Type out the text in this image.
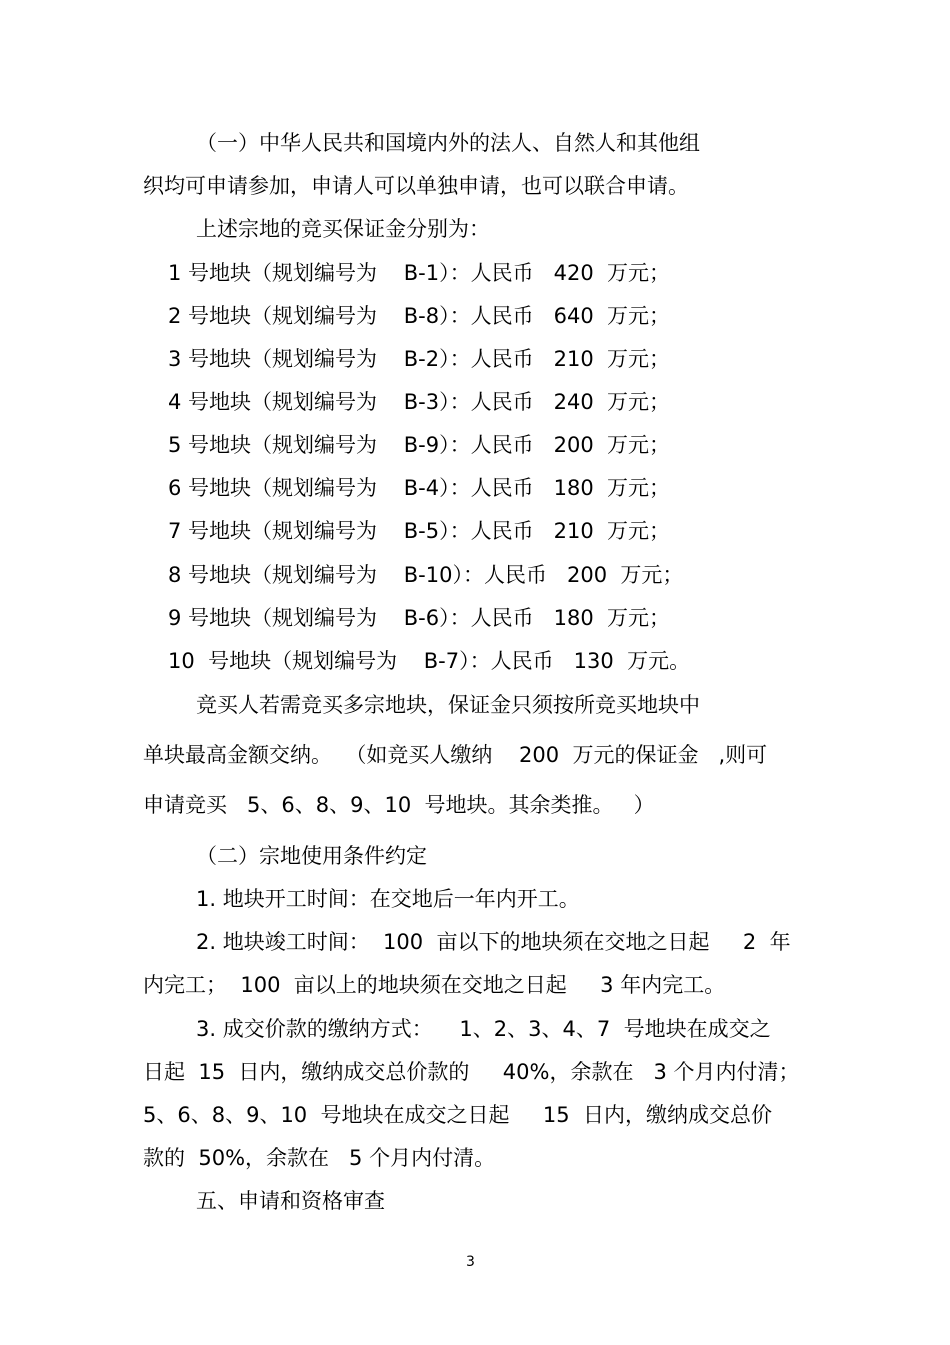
（一）中华人民共和国境内外的法人、自然人和其他组
织均可申请参加，申请人可以单独申请，也可以联合申请。
上述宗地的竞买保证金分别为：
1 号地块（规划编号为    B-1）：人民币   420  万元；
2 号地块（规划编号为    B-8）：人民币   640  万元；
3 号地块（规划编号为    B-2）：人民币   210  万元；
4 号地块（规划编号为    B-3）：人民币   240  万元；
5 号地块（规划编号为    B-9）：人民币   200  万元；
6 号地块（规划编号为    B-4）：人民币   180  万元；
7 号地块（规划编号为    B-5）：人民币   210  万元；
8 号地块（规划编号为    B-10）：人民币   200  万元；
9 号地块（规划编号为    B-6）：人民币   180  万元；
10  号地块（规划编号为    B-7）：人民币   130  万元。
竞买人若需竞买多宗地块，保证金只须按所竞买地块中
单块最高金额交纳。  （如竞买人缴纳    200  万元的保证金   ,则可
申请竞买   5、6、8、9、10  号地块。其余类推。   ）
（二）宗地使用条件约定
1. 地块开工时间：在交地后一年内开工。
2. 地块竣工时间：  100  亩以下的地块须在交地之日起     2  年
内完工；  100  亩以上的地块须在交地之日起     3 年内完工。
3. 成交价款的缴纳方式：    1、2、3、4、7  号地块在成交之
日起  15  日内，缴纳成交总价款的     40%，余款在   3 个月内付清；
5、6、8、9、10  号地块在成交之日起     15  日内，缴纳成交总价
款的  50%，余款在   5 个月内付清。
五、申请和资格审查
3
